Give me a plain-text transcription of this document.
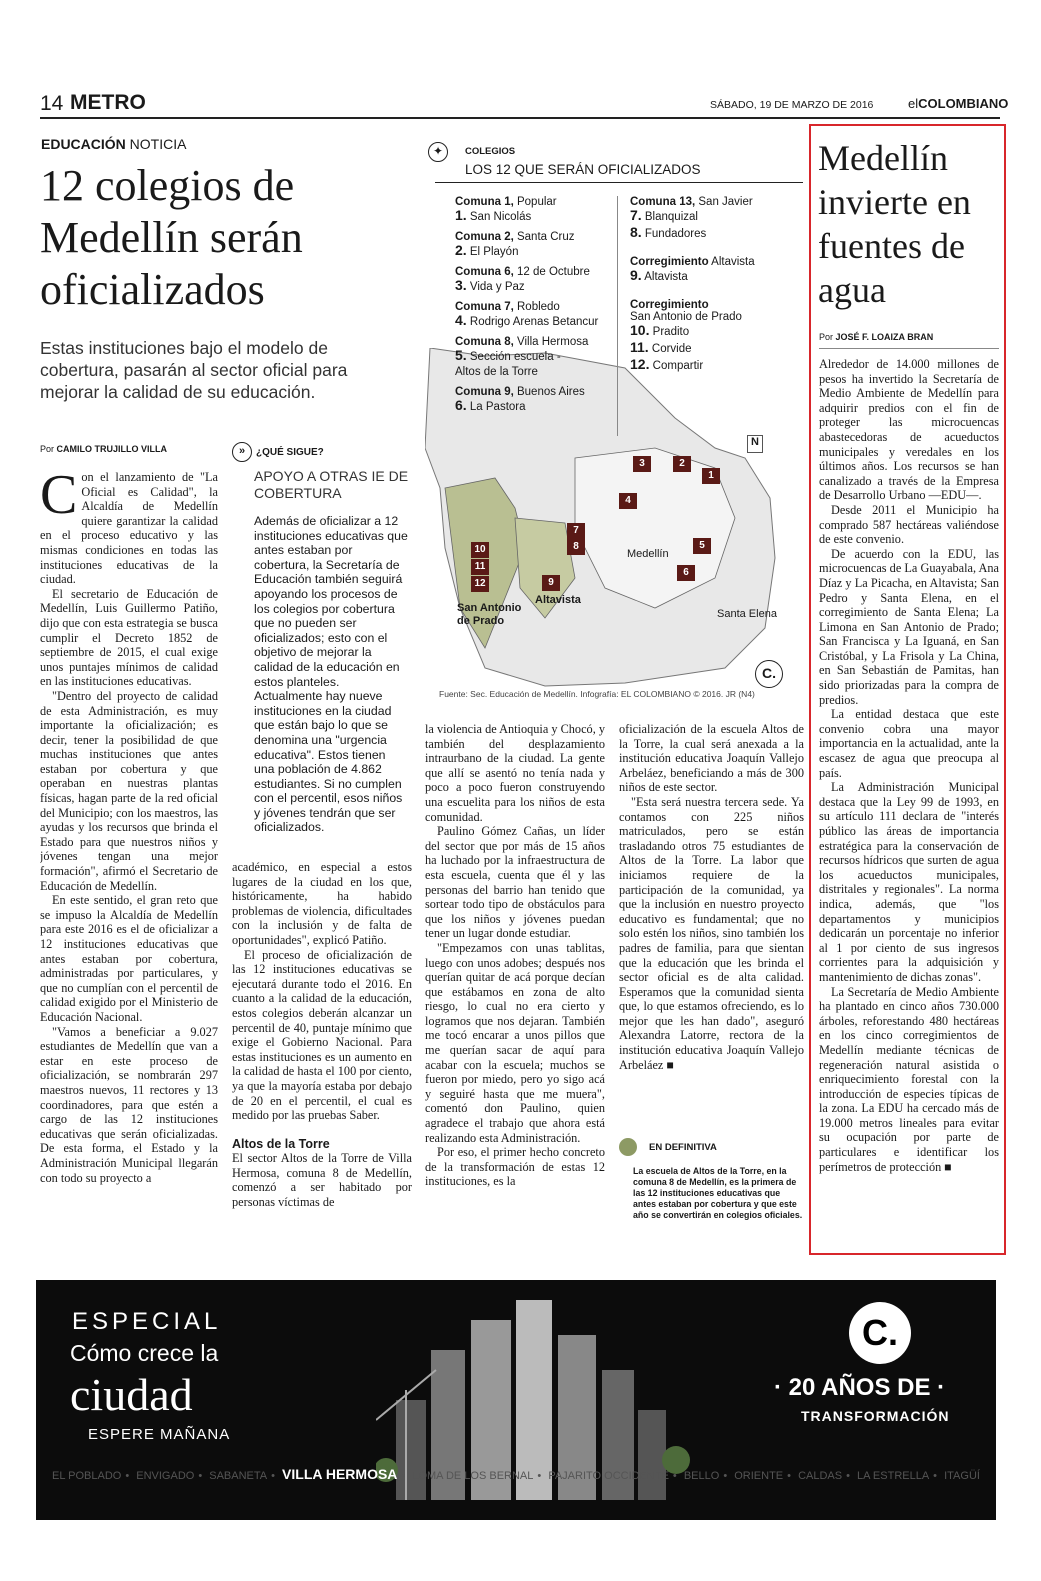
14 METRO	SÁBADO, 19 DE MARZO DE 2016	elCOLOMBIANO
EDUCACIÓN NOTICIA
12 colegios de Medellín serán oficializados
Estas instituciones bajo el modelo de cobertura, pasarán al sector oficial para mejorar la calidad de su educación.
Por CAMILO TRUJILLO VILLA

Con el lanzamiento de "La Oficial es Calidad", la Alcaldía de Medellín quiere garantizar la calidad en el proceso educativo y las mismas condiciones en todas las instituciones educativas de la ciudad.

El secretario de Educación de Medellín, Luis Guillermo Patiño, dijo que con esta estrategia se busca cumplir el Decreto 1852 de septiembre de 2015, el cual exige unos puntajes mínimos de calidad en las instituciones educativas.

"Dentro del proyecto de calidad de esta Administración, es muy importante la oficialización; es decir, tener la posibilidad de que muchas instituciones que antes estaban por cobertura y que operaban en nuestras plantas físicas, hagan parte de la red oficial del Municipio; con los maestros, las ayudas y los recursos que brinda el Estado para que nuestros niños y jóvenes tengan una mejor formación", afirmó el Secretario de Educación de Medellín.

En este sentido, el gran reto que se impuso la Alcaldía de Medellín para este 2016 es el de oficializar a 12 instituciones educativas que antes estaban por cobertura, administradas por particulares, y que no cumplían con el percentil de calidad exigido por el Ministerio de Educación Nacional.

"Vamos a beneficiar a 9.027 estudiantes de Medellín que van a estar en este proceso de oficialización, se nombrarán 297 maestros nuevos, 11 rectores y 13 coordinadores, para que estén a cargo de las 12 instituciones educativas que serán oficializadas. De esta forma, el Estado y la Administración Municipal llegarán con todo su proyecto a

»	¿QUÉ SIGUE?
APOYO A OTRAS IE DE COBERTURA
Además de oficializar a 12 instituciones educativas que antes estaban por cobertura, la Secretaría de Educación también seguirá apoyando los procesos de los colegios por cobertura que no pueden ser oficializados; esto con el objetivo de mejorar la calidad de la educación en estos planteles. Actualmente hay nueve instituciones en la ciudad que están bajo lo que se denomina una "urgencia educativa". Estos tienen una población de 4.862 estudiantes. Si no cumplen con el percentil, esos niños y jóvenes tendrán que ser oficializados.

académico, en especial a estos lugares de la ciudad en los que, históricamente, ha habido problemas de violencia, dificultades con la inclusión y de falta de oportunidades", explicó Patiño.

El proceso de oficialización de las 12 instituciones educativas se ejecutará durante todo el 2016. En cuanto a la calidad de la educación, estos colegios deberán alcanzar un percentil de 40, puntaje mínimo que exige el Gobierno Nacional. Para estas instituciones es un aumento en la calidad de hasta el 100 por ciento, ya que la mayoría estaba por debajo de 20 en el percentil, el cual es medido por las pruebas Saber.

Altos de la Torre

El sector Altos de la Torre de Villa Hermosa, comuna 8 de Medellín, comenzó a ser habitado por personas víctimas de

✦	COLEGIOS
LOS 12 QUE SERÁN OFICIALIZADOS
Comuna 1, Popular
1. San Nicolás
Comuna 2, Santa Cruz
2. El Playón
Comuna 6, 12 de Octubre
3. Vida y Paz
Comuna 7, Robledo
4. Rodrigo Arenas Betancur
Comuna 8, Villa Hermosa
5. Sección escuela - Altos de la Torre
Comuna 9, Buenos Aires
6. La Pastora
Comuna 13, San Javier
7. Blanquizal
8. Fundadores
Corregimiento Altavista
9. Altavista
Corregimiento
San Antonio de Prado
10. Pradito
11. Corvide
12. Compartir
N
3	2
1
4
7
8	5
6
10
11
12	9
Medellín
Santa Elena
Altavista
San Antonio de Prado
C.
Fuente: Sec. Educación de Medellín. Infografía: EL COLOMBIANO © 2016. JR (N4)

la violencia de Antioquia y Chocó, y también del desplazamiento intraurbano de la ciudad. La gente que allí se asentó no tenía nada y poco a poco fueron construyendo una escuelita para los niños de esta comunidad.

Paulino Gómez Cañas, un líder del sector que por más de 15 años ha luchado por la infraestructura de esta escuela, cuenta que él y las personas del barrio han tenido que sortear todo tipo de obstáculos para que los niños y jóvenes puedan tener un lugar donde estudiar.

"Empezamos con unas tablitas, luego con unos adobes; después nos querían quitar de acá porque decían que estábamos en zona de alto riesgo, lo cual no era cierto y logramos que nos dejaran. También me tocó encarar a unos pillos que me querían sacar de aquí para acabar con la escuela; muchos se fueron por miedo, pero yo sigo acá y seguiré hasta que me muera", comentó don Paulino, quien agradece el trabajo que ahora está realizando esta Administración.

Por eso, el primer hecho concreto de la transformación de estas 12 instituciones, es la

oficialización de la escuela Altos de la Torre, la cual será anexada a la institución educativa Joaquín Vallejo Arbeláez, beneficiando a más de 300 niños de este sector.

"Esta será nuestra tercera sede. Ya contamos con 225 niños matriculados, pero se están trasladando otros 75 estudiantes de Altos de la Torre. La labor que iniciamos requiere de la participación de la comunidad, ya que la inclusión en nuestro proyecto educativo es fundamental; que no solo estén los niños, sino también los padres de familia, para que sientan que la educación que les brinda el sector oficial es de alta calidad. Esperamos que la comunidad sienta que, lo que estamos ofreciendo, es lo mejor que les han dado", aseguró Alexandra Latorre, rectora de la institución educativa Joaquín Vallejo Arbeláez ■

EN DEFINITIVA
La escuela de Altos de la Torre, en la comuna 8 de Medellín, es la primera de las 12 instituciones educativas que antes estaban por cobertura y que este año se convertirán en colegios oficiales.
Medellín invierte en fuentes de agua
Por JOSÉ F. LOAIZA BRAN

Alrededor de 14.000 millones de pesos ha invertido la Secretaría de Medio Ambiente de Medellín para adquirir predios con el fin de proteger las microcuencas abastecedoras de acueductos municipales y veredales en los últimos años. Los recursos se han canalizado a través de la Empresa de Desarrollo Urbano —EDU—.

Desde 2011 el Municipio ha comprado 587 hectáreas valiéndose de este convenio.

De acuerdo con la EDU, las microcuencas de La Guayabala, Ana Díaz y La Picacha, en Altavista; San Pedro y Santa Elena, en el corregimiento de Santa Elena; La Limona en San Antonio de Prado; San Francisca y La Iguaná, en San Cristóbal, y La Frisola y La China, en San Sebastián de Pamitas, han sido priorizadas para la compra de predios.

La entidad destaca que este convenio cobra una mayor importancia en la actualidad, ante la escasez de agua que preocupa al país.

La Administración Municipal destaca que la Ley 99 de 1993, en su artículo 111 declara de "interés público las áreas de importancia estratégica para la conservación de recursos hídricos que surten de agua los acueductos municipales, distritales y regionales". La norma indica, además, que "los departamentos y municipios dedicarán un porcentaje no inferior al 1 por ciento de sus ingresos corrientes para la adquisición y mantenimiento de dichas zonas".

La Secretaría de Medio Ambiente ha plantado en cinco años 730.000 árboles, reforestando 480 hectáreas en los cinco corregimientos de Medellín mediante técnicas de regeneración natural asistida o enriquecimiento forestal con la introducción de especies típicas de la zona. La EDU ha cercado más de 19.000 metros lineales para evitar su ocupación por parte de particulares e identificar los perímetros de protección ■

ESPECIAL
Cómo crece la
ciudad
ESPERE MAÑANA
C.
· 20 AÑOS DE ·
TRANSFORMACIÓN
EL POBLADO • ENVIGADO • SABANETA • VILLA HERMOSA • LOMA DE LOS BERNAL • PAJARITO OCCIDENTE • BELLO • ORIENTE • CALDAS • LA ESTRELLA • ITAGÜÍ
